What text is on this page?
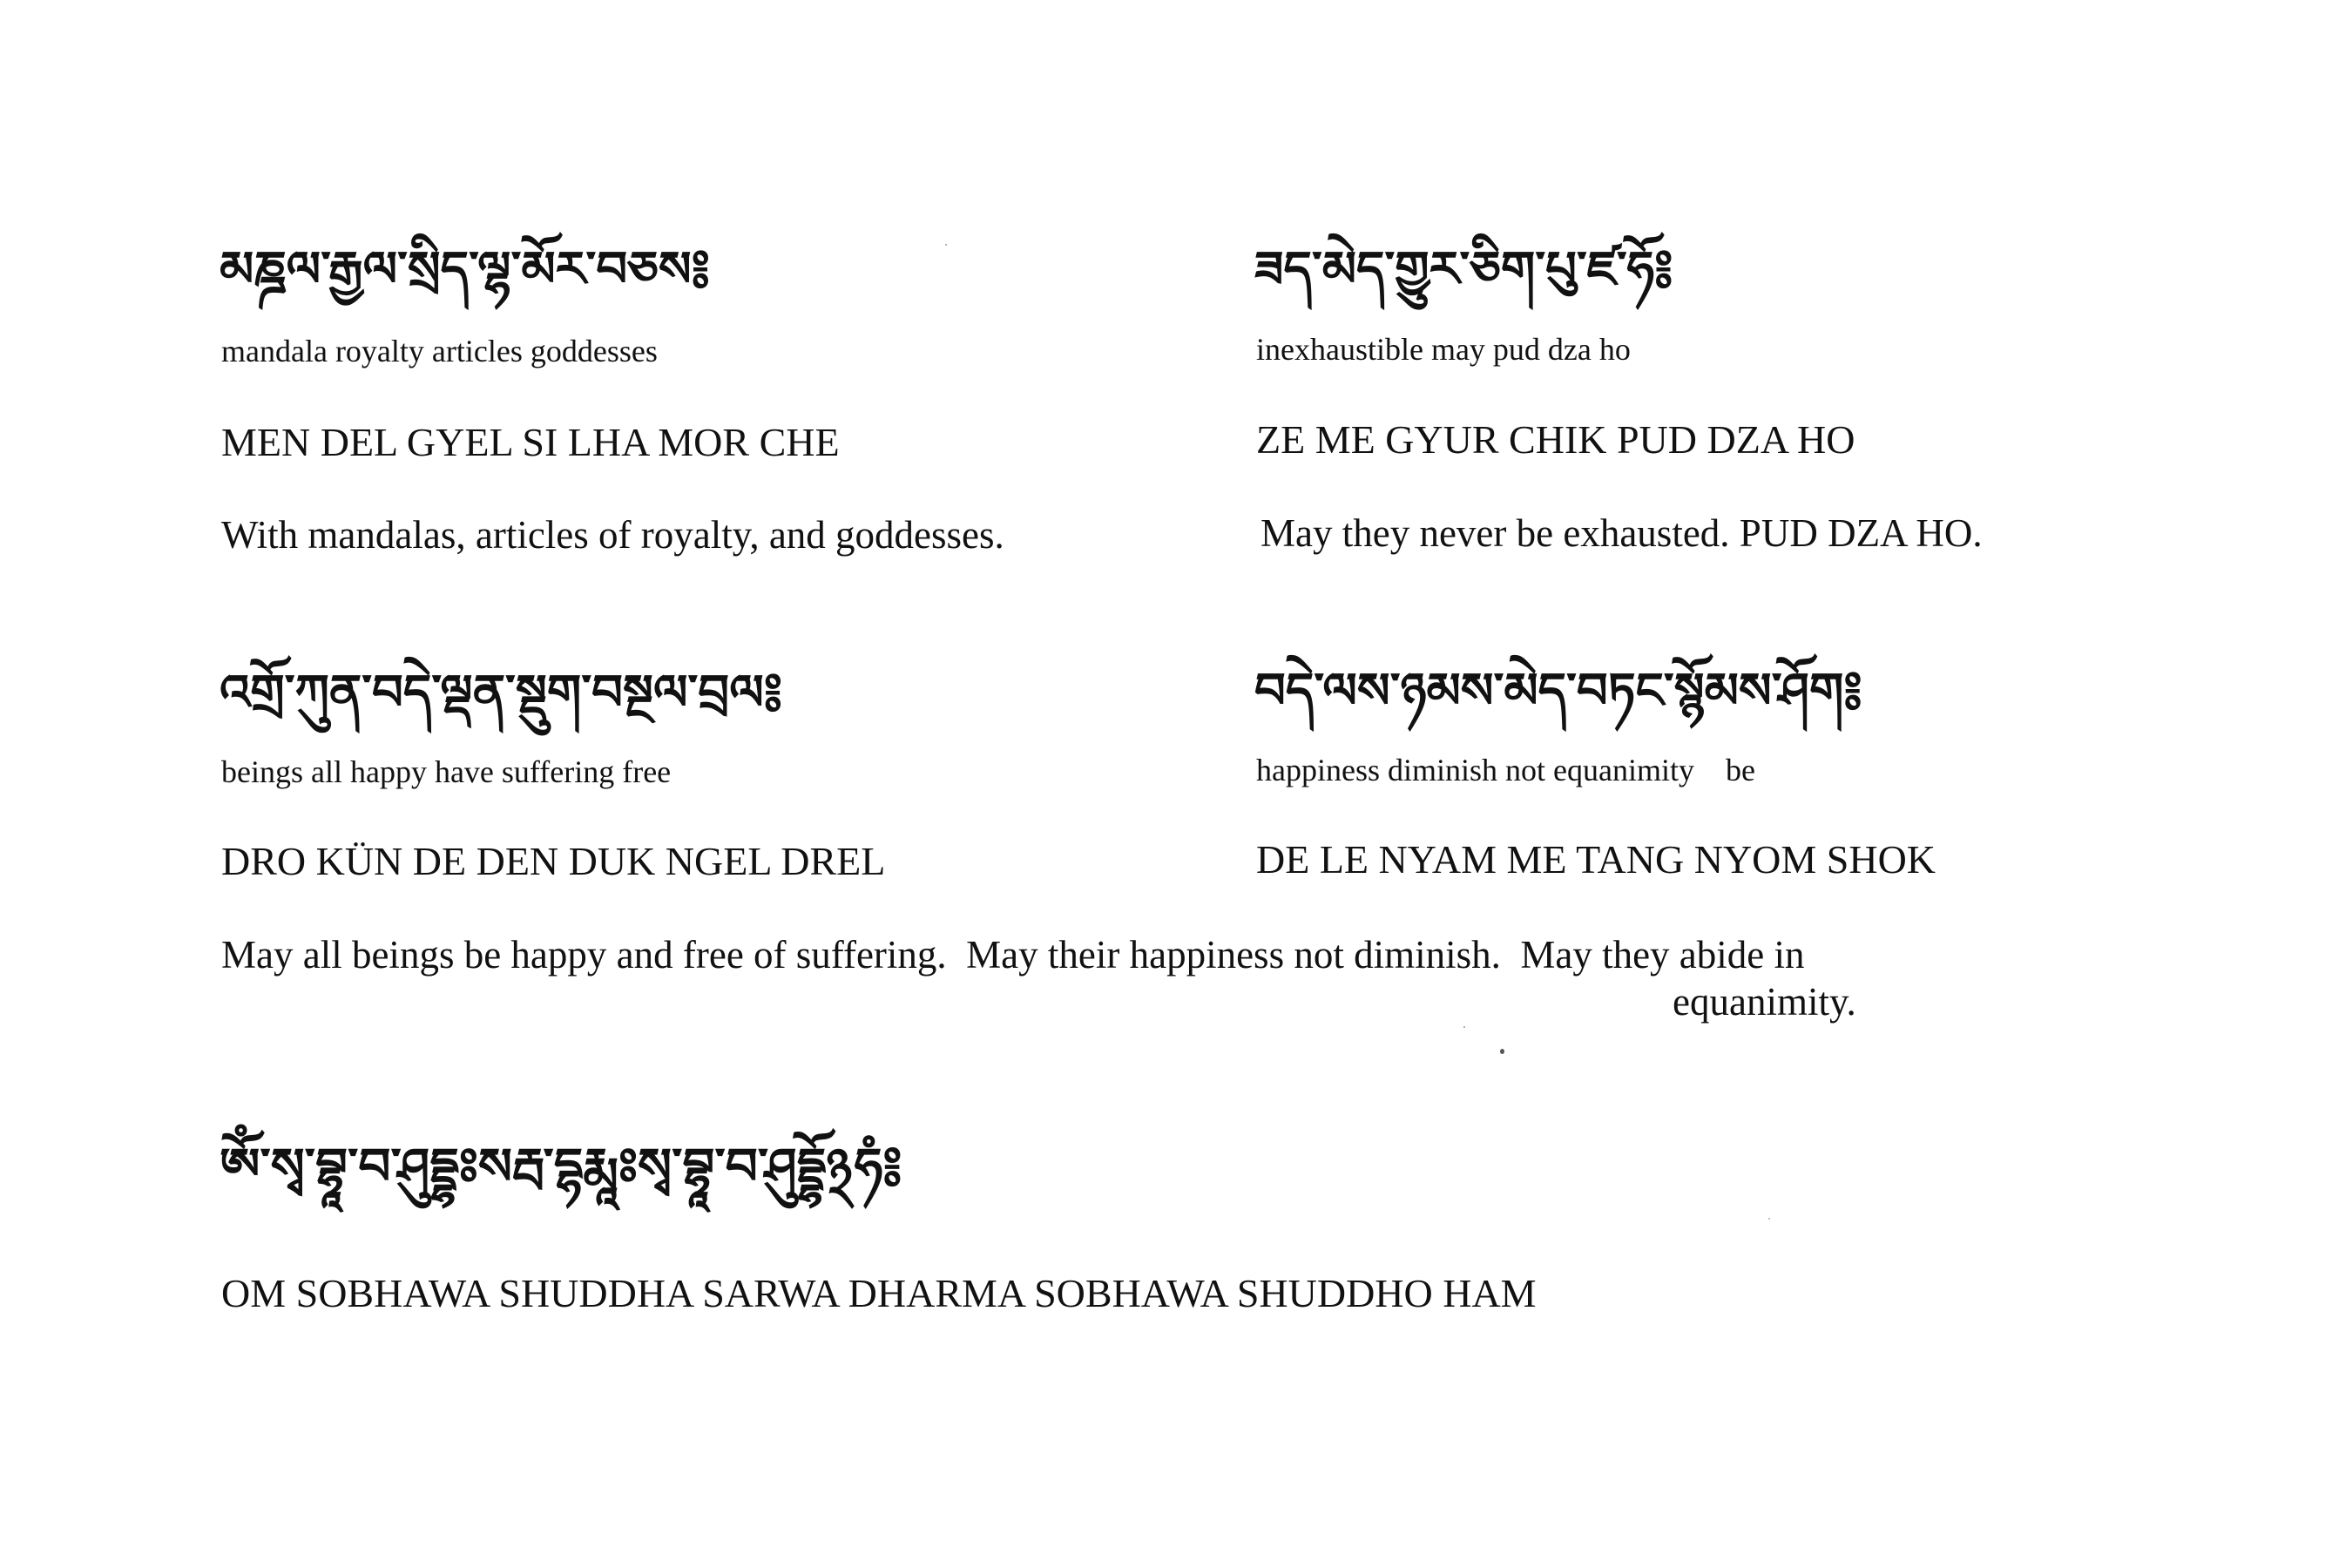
མཎྜལ་རྒྱལ་སྲིད་ལྷ་མོར་བཅས༔
mandala royalty articles goddesses
MEN DEL GYEL SI LHA MOR CHE
With mandalas, articles of royalty, and goddesses.
ཟད་མེད་གྱུར་ཅིག་པུ་ཛ་ཧོ༔
inexhaustible may pud dza ho
ZE ME GYUR CHIK PUD DZA HO
May they never be exhausted. PUD DZA HO.
འགྲོ་ཀུན་བདེ་ལྡན་སྡུག་བསྔལ་བྲལ༔
beings all happy have suffering free
DRO KÜN DE DEN DUK NGEL DREL
བདེ་ལས་ཉམས་མེད་བཏང་སྙོམས་ཤོག༔
happiness diminish not equanimity    be
DE LE NYAM ME TANG NYOM SHOK
May all beings be happy and free of suffering.  May their happiness not diminish.  May they abide in
equanimity.
ཨོཾ་སྭ་བྷཱ་བ་ཤུདྡྷཿསརྦ་དྷརྨཱཿསྭ་བྷཱ་བ་ཤུདྡྷོ྅ཧཾ༔
OM SOBHAWA SHUDDHA SARWA DHARMA SOBHAWA SHUDDHO HAM
